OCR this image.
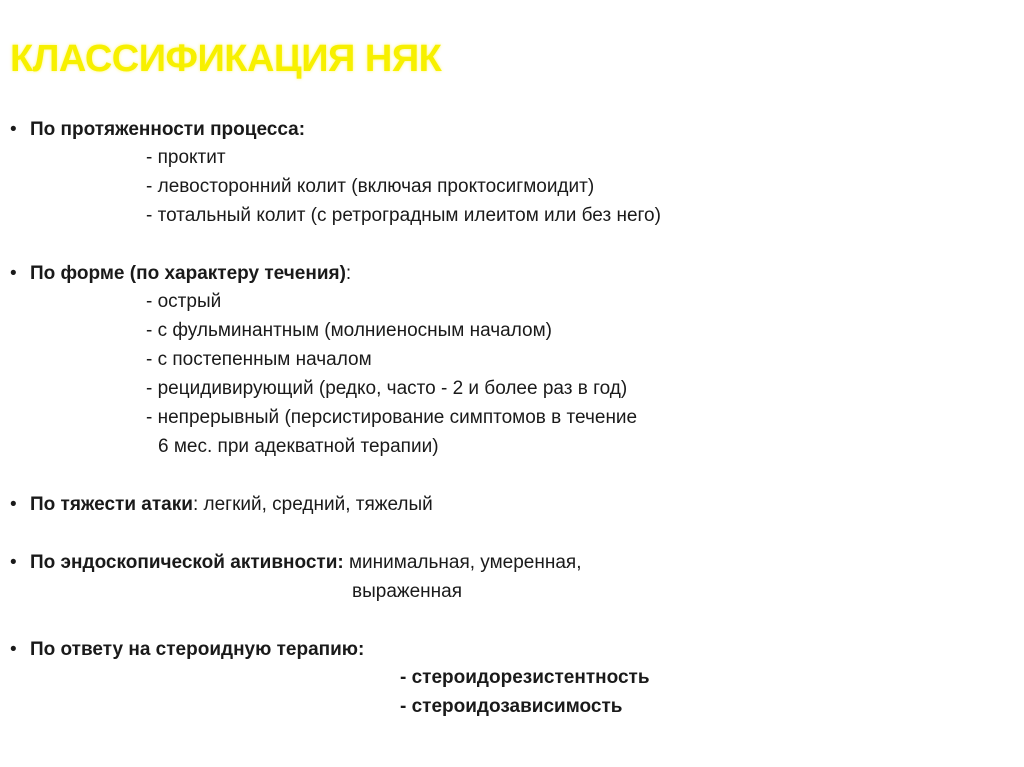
КЛАССИФИКАЦИЯ НЯК
• По протяженности процесса:
- проктит
- левосторонний колит (включая проктосигмоидит)
- тотальный колит (с ретроградным илеитом или без него)
• По форме (по характеру течения):
- острый
- с фульминантным (молниеносным началом)
- с постепенным началом
- рецидивирующий (редко, часто - 2 и более раз в год)
- непрерывный (персистирование симптомов в течение
6 мес. при адекватной терапии)
• По тяжести атаки: легкий, средний, тяжелый
• По эндоскопической активности: минимальная, умеренная,
выраженная
• По ответу на стероидную терапию:
- стероидорезистентность
- стероидозависимость
